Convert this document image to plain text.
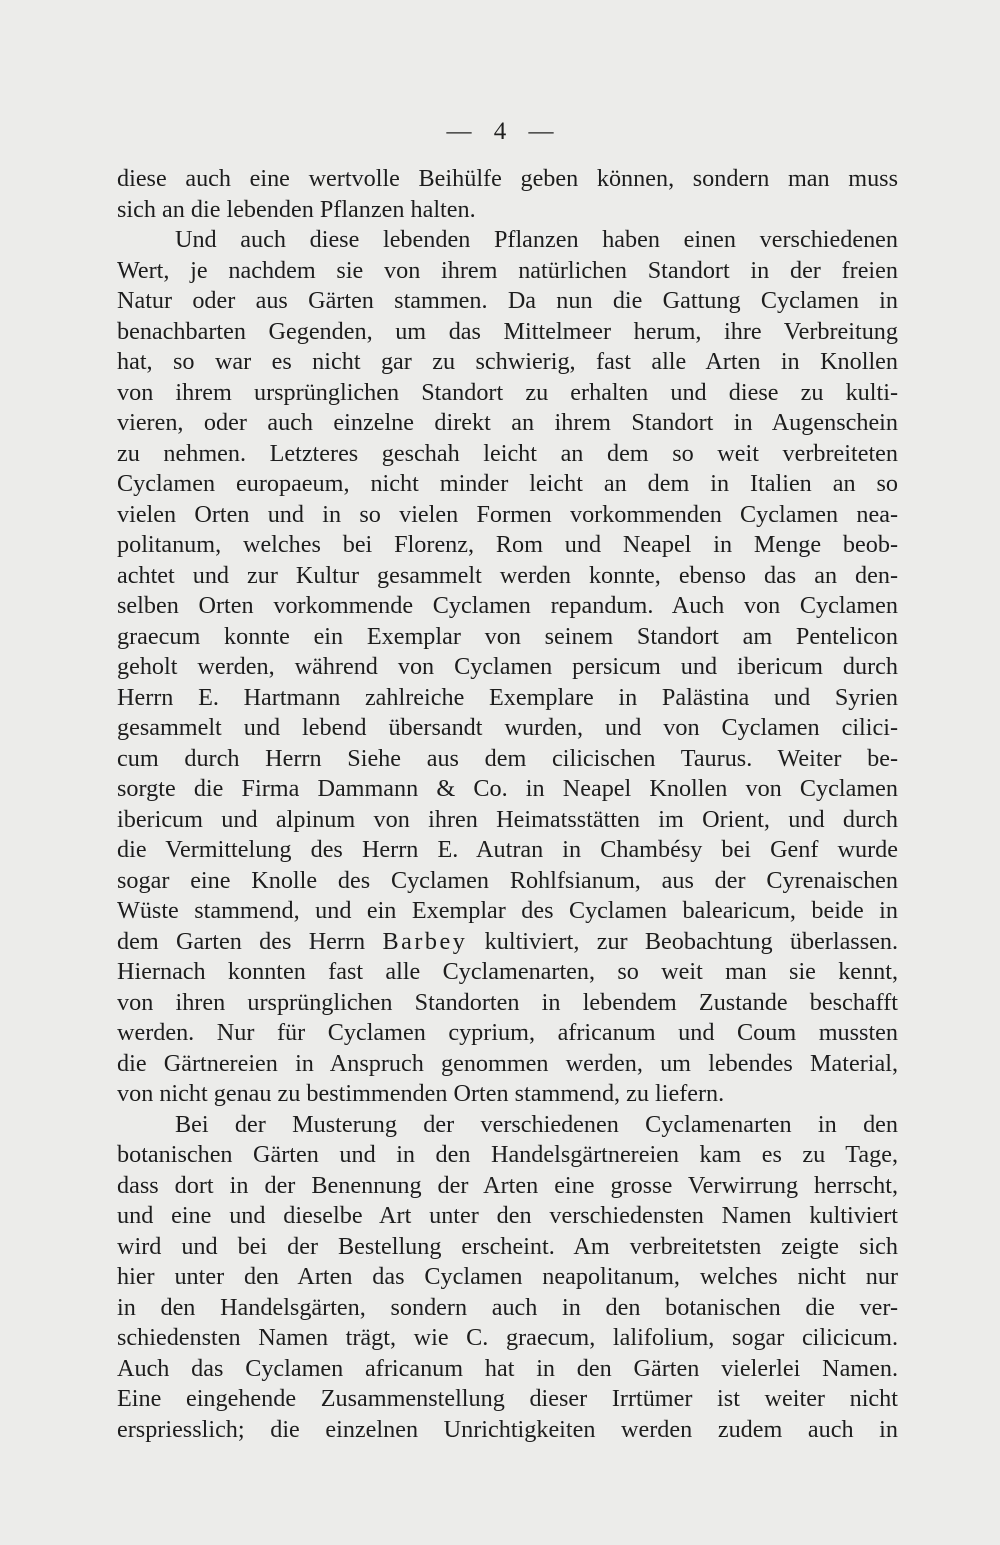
— 4 —
diese auch eine wertvolle Beihülfe geben können, sondern man muss
sich an die lebenden Pflanzen halten.
Und auch diese lebenden Pflanzen haben einen verschiedenen
Wert, je nachdem sie von ihrem natürlichen Standort in der freien
Natur oder aus Gärten stammen. Da nun die Gattung Cyclamen in
benachbarten Gegenden, um das Mittelmeer herum, ihre Verbreitung
hat, so war es nicht gar zu schwierig, fast alle Arten in Knollen
von ihrem ursprünglichen Standort zu erhalten und diese zu kulti-
vieren, oder auch einzelne direkt an ihrem Standort in Augenschein
zu nehmen. Letzteres geschah leicht an dem so weit verbreiteten
Cyclamen europaeum, nicht minder leicht an dem in Italien an so
vielen Orten und in so vielen Formen vorkommenden Cyclamen nea-
politanum, welches bei Florenz, Rom und Neapel in Menge beob-
achtet und zur Kultur gesammelt werden konnte, ebenso das an den-
selben Orten vorkommende Cyclamen repandum. Auch von Cyclamen
graecum konnte ein Exemplar von seinem Standort am Pentelicon
geholt werden, während von Cyclamen persicum und ibericum durch
Herrn E. Hartmann zahlreiche Exemplare in Palästina und Syrien
gesammelt und lebend übersandt wurden, und von Cyclamen cilici-
cum durch Herrn Siehe aus dem cilicischen Taurus. Weiter be-
sorgte die Firma Dammann & Co. in Neapel Knollen von Cyclamen
ibericum und alpinum von ihren Heimatsstätten im Orient, und durch
die Vermittelung des Herrn E. Autran in Chambésy bei Genf wurde
sogar eine Knolle des Cyclamen Rohlfsianum, aus der Cyrenaischen
Wüste stammend, und ein Exemplar des Cyclamen balearicum, beide in
dem Garten des Herrn Barbey kultiviert, zur Beobachtung überlassen.
Hiernach konnten fast alle Cyclamenarten, so weit man sie kennt,
von ihren ursprünglichen Standorten in lebendem Zustande beschafft
werden. Nur für Cyclamen cyprium, africanum und Coum mussten
die Gärtnereien in Anspruch genommen werden, um lebendes Material,
von nicht genau zu bestimmenden Orten stammend, zu liefern.
Bei der Musterung der verschiedenen Cyclamenarten in den
botanischen Gärten und in den Handelsgärtnereien kam es zu Tage,
dass dort in der Benennung der Arten eine grosse Verwirrung herrscht,
und eine und dieselbe Art unter den verschiedensten Namen kultiviert
wird und bei der Bestellung erscheint. Am verbreitetsten zeigte sich
hier unter den Arten das Cyclamen neapolitanum, welches nicht nur
in den Handelsgärten, sondern auch in den botanischen die ver-
schiedensten Namen trägt, wie C. graecum, lalifolium, sogar cilicicum.
Auch das Cyclamen africanum hat in den Gärten vielerlei Namen.
Eine eingehende Zusammenstellung dieser Irrtümer ist weiter nicht
erspriesslich; die einzelnen Unrichtigkeiten werden zudem auch in
